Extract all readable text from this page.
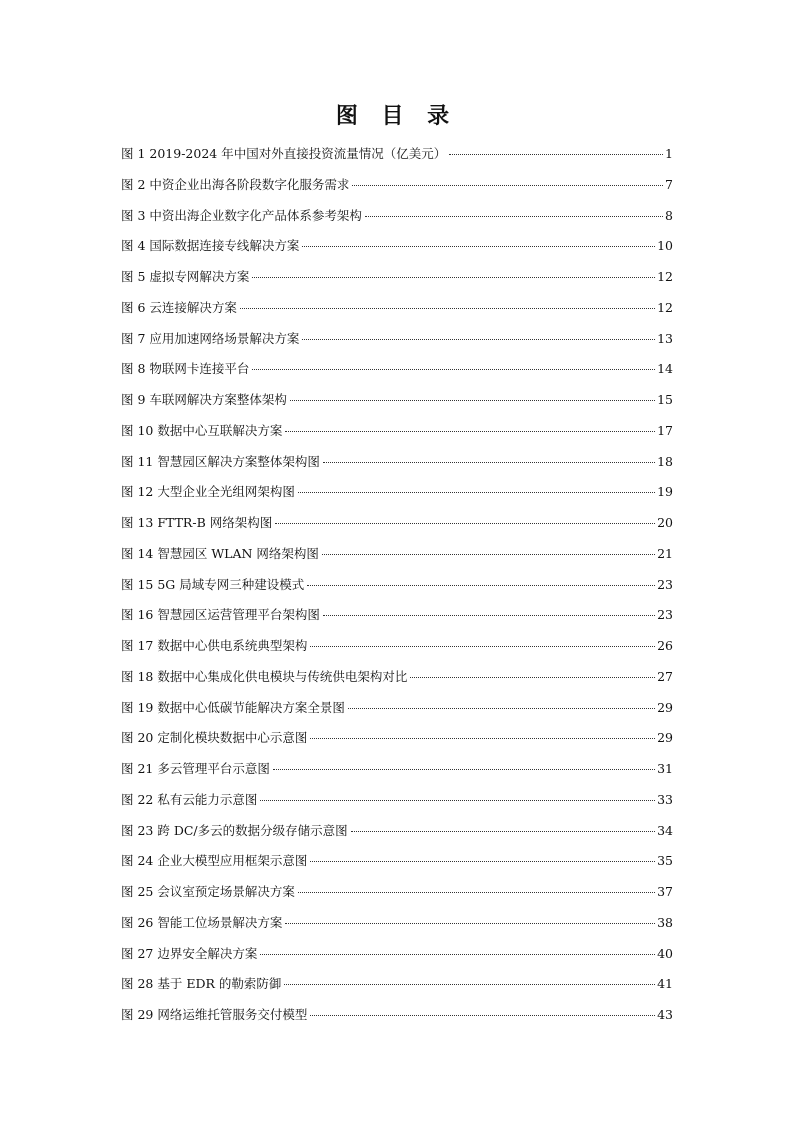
图 目 录
图 1 2019-2024 年中国对外直接投资流量情况（亿美元）	1
图 2 中资企业出海各阶段数字化服务需求	7
图 3 中资出海企业数字化产品体系参考架构	8
图 4 国际数据连接专线解决方案	10
图 5 虚拟专网解决方案	12
图 6 云连接解决方案	12
图 7 应用加速网络场景解决方案	13
图 8 物联网卡连接平台	14
图 9 车联网解决方案整体架构	15
图 10 数据中心互联解决方案	17
图 11 智慧园区解决方案整体架构图	18
图 12 大型企业全光组网架构图	19
图 13 FTTR-B 网络架构图	20
图 14 智慧园区 WLAN 网络架构图	21
图 15 5G 局域专网三种建设模式	23
图 16 智慧园区运营管理平台架构图	23
图 17 数据中心供电系统典型架构	26
图 18 数据中心集成化供电模块与传统供电架构对比	27
图 19 数据中心低碳节能解决方案全景图	29
图 20 定制化模块数据中心示意图	29
图 21 多云管理平台示意图	31
图 22 私有云能力示意图	33
图 23 跨 DC/多云的数据分级存储示意图	34
图 24 企业大模型应用框架示意图	35
图 25 会议室预定场景解决方案	37
图 26 智能工位场景解决方案	38
图 27 边界安全解决方案	40
图 28 基于 EDR 的勒索防御	41
图 29 网络运维托管服务交付模型	43
